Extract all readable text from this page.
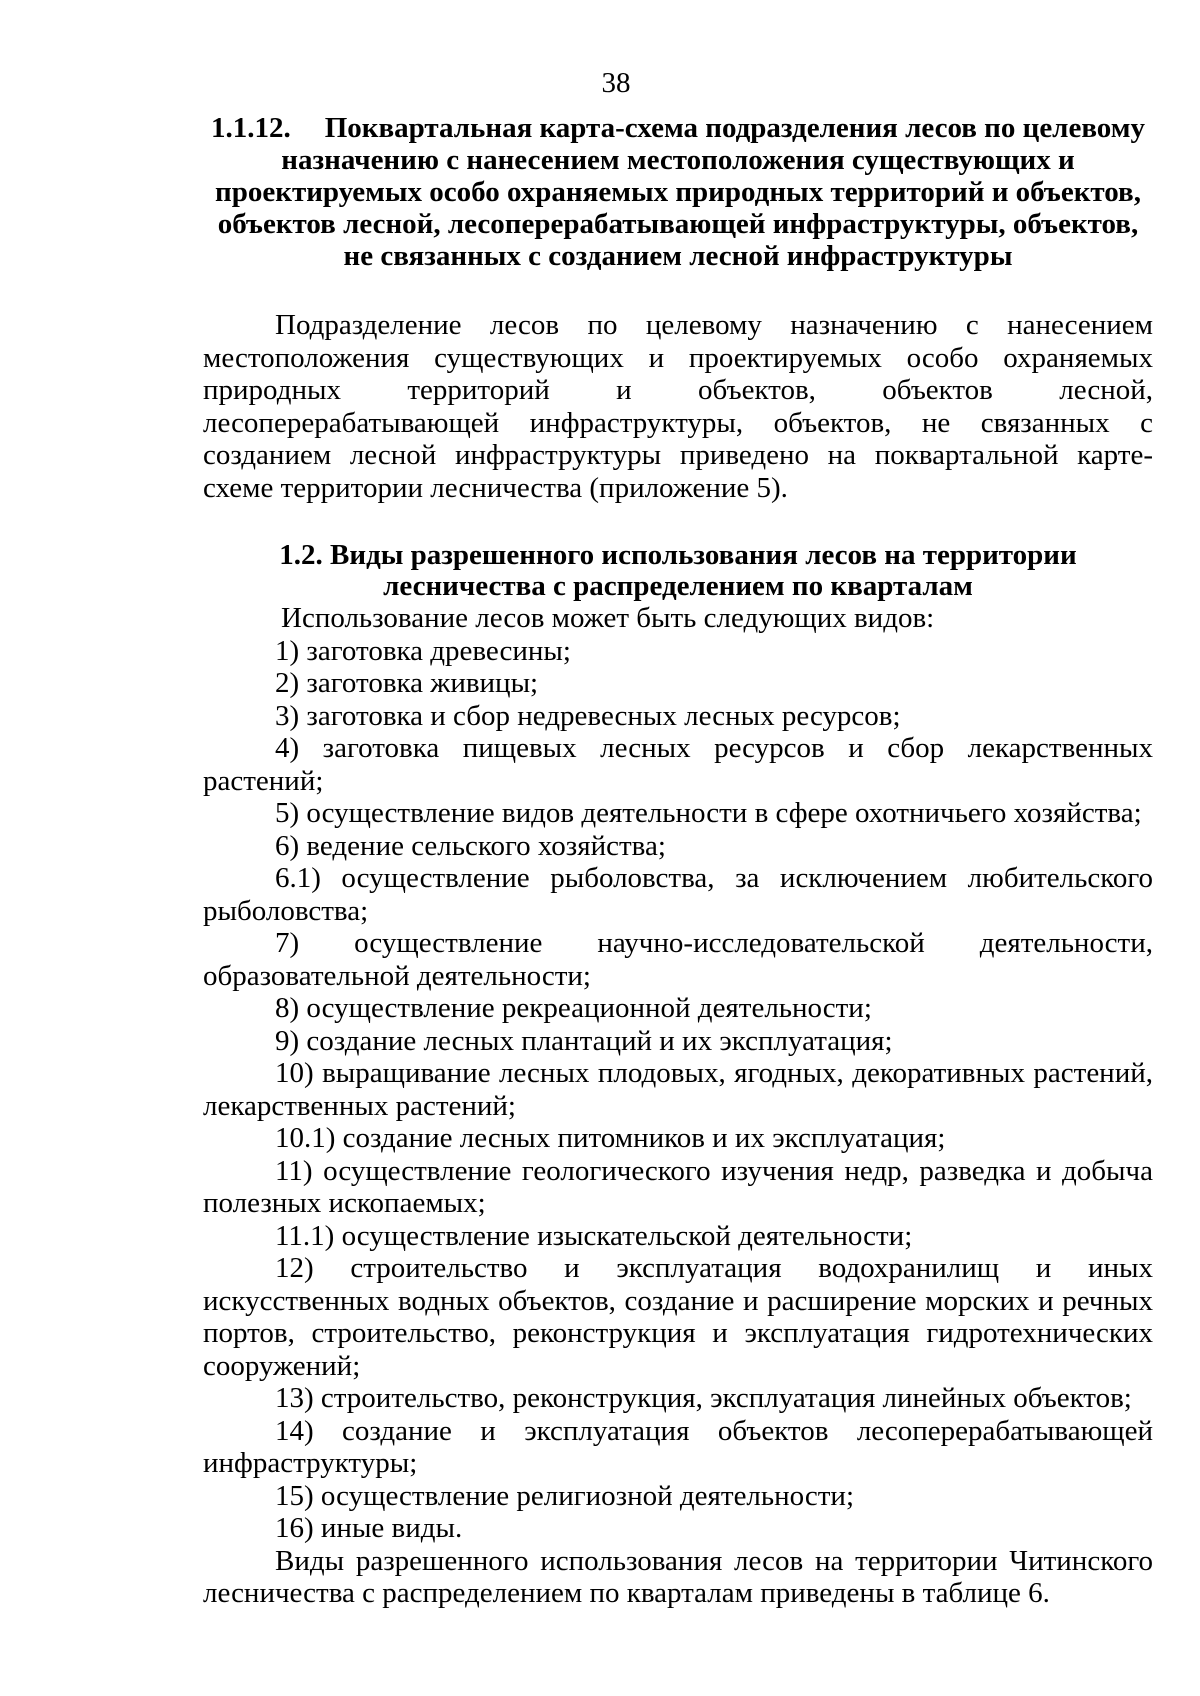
38
1.1.12. Поквартальная карта-схема подразделения лесов по целевому назначению с нанесением местоположения существующих и проектируемых особо охраняемых природных территорий и объектов, объектов лесной, лесоперерабатывающей инфраструктуры, объектов, не связанных с созданием лесной инфраструктуры
Подразделение лесов по целевому назначению с нанесением местоположения существующих и проектируемых особо охраняемых природных территорий и объектов, объектов лесной, лесоперерабатывающей инфраструктуры, объектов, не связанных с созданием лесной инфраструктуры приведено на поквартальной карте-схеме территории лесничества (приложение 5).
1.2. Виды разрешенного использования лесов на территории лесничества с распределением по кварталам
Использование лесов может быть следующих видов:
1) заготовка древесины;
2) заготовка живицы;
3) заготовка и сбор недревесных лесных ресурсов;
4) заготовка пищевых лесных ресурсов и сбор лекарственных растений;
5) осуществление видов деятельности в сфере охотничьего хозяйства;
6) ведение сельского хозяйства;
6.1) осуществление рыболовства, за исключением любительского рыболовства;
7) осуществление научно-исследовательской деятельности, образовательной деятельности;
8) осуществление рекреационной деятельности;
9) создание лесных плантаций и их эксплуатация;
10) выращивание лесных плодовых, ягодных, декоративных растений, лекарственных растений;
10.1) создание лесных питомников и их эксплуатация;
11) осуществление геологического изучения недр, разведка и добыча полезных ископаемых;
11.1) осуществление изыскательской деятельности;
12) строительство и эксплуатация водохранилищ и иных искусственных водных объектов, создание и расширение морских и речных портов, строительство, реконструкция и эксплуатация гидротехнических сооружений;
13) строительство, реконструкция, эксплуатация линейных объектов;
14) создание и эксплуатация объектов лесоперерабатывающей инфраструктуры;
15) осуществление религиозной деятельности;
16) иные виды.
Виды разрешенного использования лесов на территории Читинского лесничества с распределением по кварталам приведены в таблице 6.
